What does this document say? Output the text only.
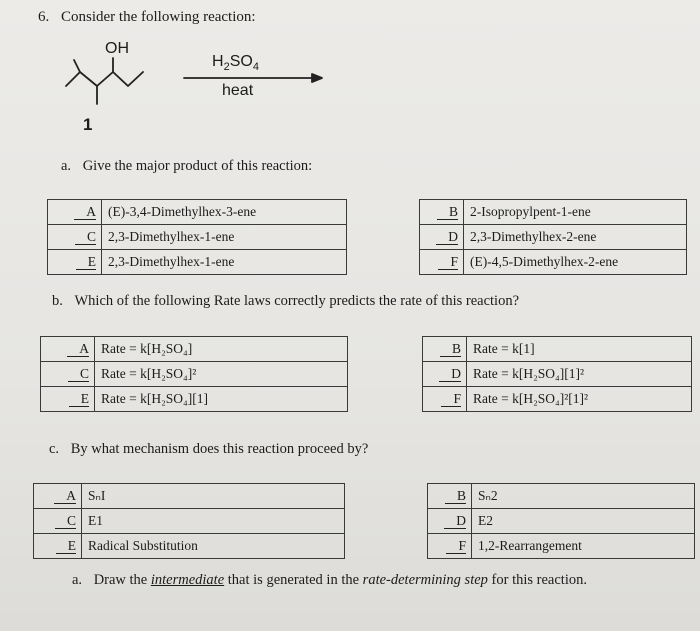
6. Consider the following reaction:
OH
$H_2SO_4$
heat
1
a. Give the major product of this reaction:
A	(E)-3,4-Dimethylhex-3-ene		B	2-Isopropylpent-1-ene
C	2,3-Dimethylhex-1-ene		D	2,3-Dimethylhex-2-ene
E	2,3-Dimethylhex-1-ene		F	(E)-4,5-Dimethylhex-2-ene
b. Which of the following Rate laws correctly predicts the rate of this reaction?
A	Rate = k[H₂SO₄]		B	Rate = k[1]
C	Rate = k[H₂SO₄]²		D	Rate = k[H₂SO₄][1]²
E	Rate = k[H₂SO₄][1]		F	Rate = k[H₂SO₄]²[1]²
c. By what mechanism does this reaction proceed by?
A	SₙI		B	Sₙ2
C	E1		D	E2
E	Radical Substitution		F	1,2-Rearrangement
a. Draw the intermediate that is generated in the rate-determining step for this reaction.
